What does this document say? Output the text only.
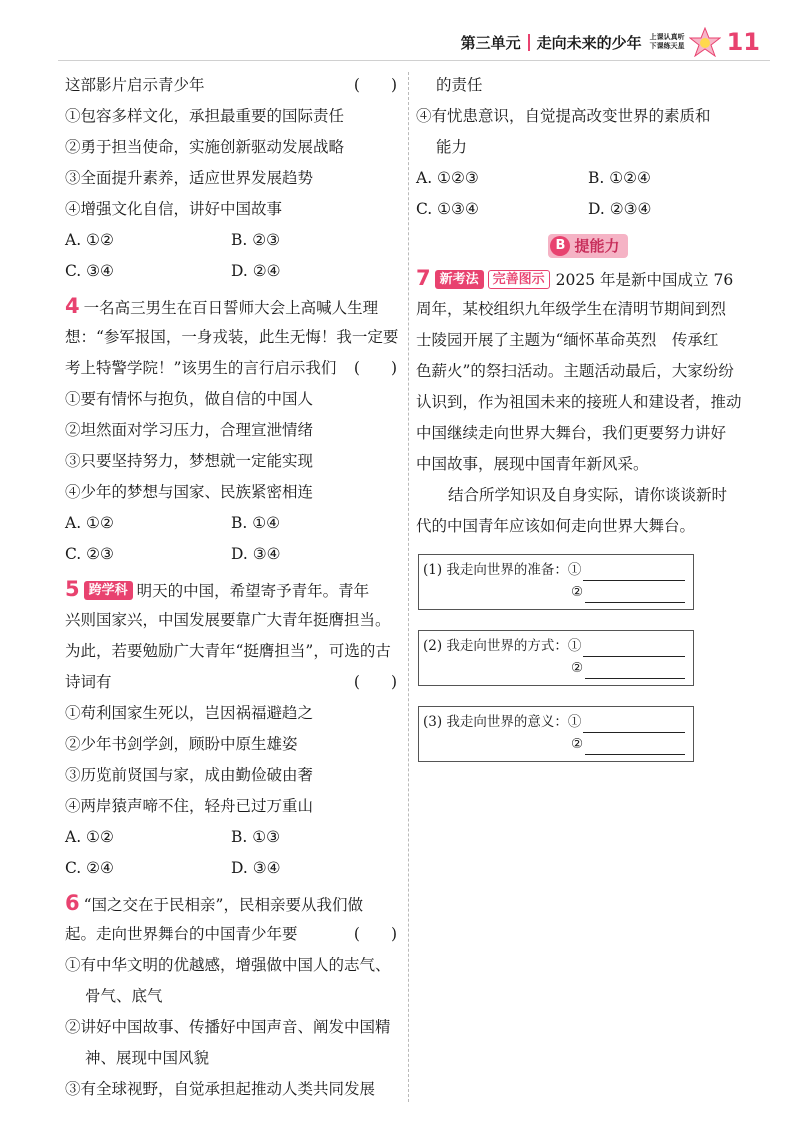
第三单元 走向未来的少年 上课认真听
下课练天星 11
这部影片启示青少年	(　　)
①包容多样文化，承担最重要的国际责任
②勇于担当使命，实施创新驱动发展战略
③全面提升素养，适应世界发展趋势
④增强文化自信，讲好中国故事
A. ①②	B. ②③
C. ③④	D. ②④
4 一名高三男生在百日誓师大会上高喊人生理
想：“参军报国，一身戎装，此生无悔！我一定要
考上特警学院！”该男生的言行启示我们 (　　)
①要有情怀与抱负，做自信的中国人
②坦然面对学习压力，合理宣泄情绪
③只要坚持努力，梦想就一定能实现
④少年的梦想与国家、民族紧密相连
A. ①②	B. ①④
C. ②③	D. ③④
5 跨学科 明天的中国，希望寄予青年。青年
兴则国家兴，中国发展要靠广大青年挺膺担当。
为此，若要勉励广大青年“挺膺担当”，可选的古
诗词有	(　　)
①苟利国家生死以，岂因祸福避趋之
②少年书剑学剑，顾盼中原生雄姿
③历览前贤国与家，成由勤俭破由奢
④两岸猿声啼不住，轻舟已过万重山
A. ①②	B. ①③
C. ②④	D. ③④
6 “国之交在于民相亲”，民相亲要从我们做
起。走向世界舞台的中国青少年要	(　　)
①有中华文明的优越感，增强做中国人的志气、
骨气、底气
②讲好中国故事、传播好中国声音、阐发中国精
神、展现中国风貌
③有全球视野，自觉承担起推动人类共同发展
的责任
④有忧患意识，自觉提高改变世界的素质和
能力
A. ①②③	B. ①②④
C. ①③④	D. ②③④
B 提能力
7 新考法 完善图示 2025 年是新中国成立 76
周年，某校组织九年级学生在清明节期间到烈
士陵园开展了主题为“缅怀革命英烈　传承红
色薪火”的祭扫活动。主题活动最后，大家纷纷
认识到，作为祖国未来的接班人和建设者，推动
中国继续走向世界大舞台，我们更要努力讲好
中国故事，展现中国青年新风采。
结合所学知识及自身实际，请你谈谈新时
代的中国青年应该如何走向世界大舞台。
(1) 我走向世界的准备：①
②
(2) 我走向世界的方式：①
②
(3) 我走向世界的意义：①
②
